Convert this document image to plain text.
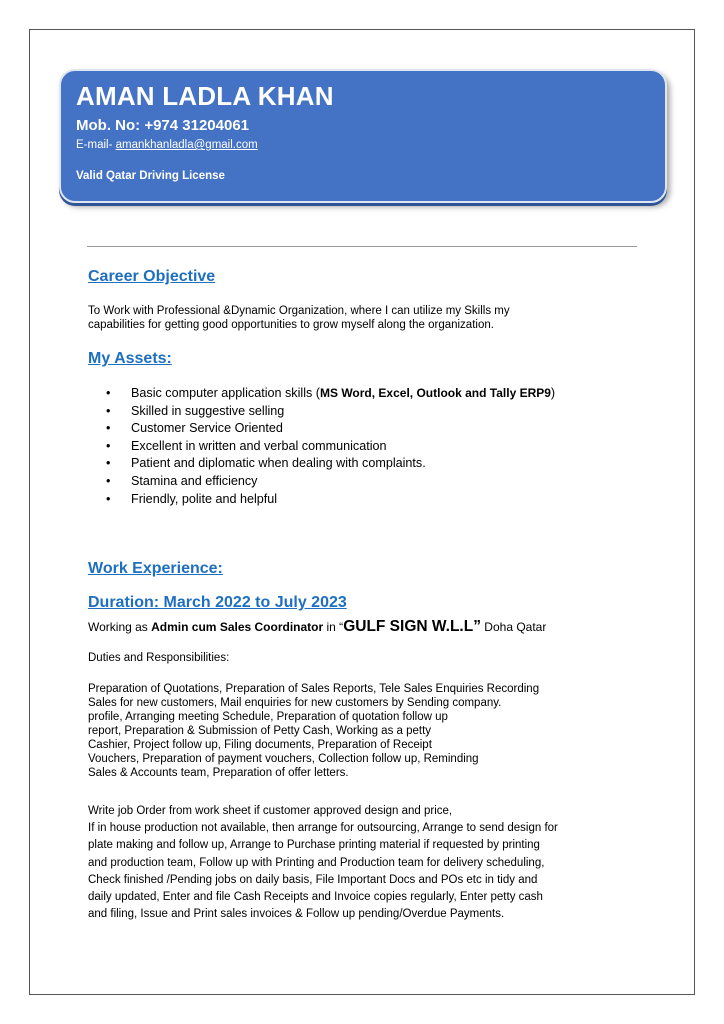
AMAN LADLA KHAN
Mob. No: +974 31204061
E-mail- amankhanladla@gmail.com
Valid Qatar Driving License
Career Objective
To Work with Professional &Dynamic Organization, where I can utilize my Skills my
capabilities for getting good opportunities to grow myself along the organization.
My Assets:
• Basic computer application skills (MS Word, Excel, Outlook and Tally ERP9)
• Skilled in suggestive selling
• Customer Service Oriented
• Excellent in written and verbal communication
• Patient and diplomatic when dealing with complaints.
• Stamina and efficiency
• Friendly, polite and helpful
Work Experience:
Duration: March 2022 to July 2023
Working as Admin cum Sales Coordinator in “GULF SIGN W.L.L” Doha Qatar
Duties and Responsibilities:
Preparation of Quotations, Preparation of Sales Reports, Tele Sales Enquiries Recording
Sales for new customers, Mail enquiries for new customers by Sending company.
profile, Arranging meeting Schedule, Preparation of quotation follow up
report, Preparation & Submission of Petty Cash, Working as a petty
Cashier, Project follow up, Filing documents, Preparation of Receipt
Vouchers, Preparation of payment vouchers, Collection follow up, Reminding
Sales & Accounts team, Preparation of offer letters.
Write job Order from work sheet if customer approved design and price,
If in house production not available, then arrange for outsourcing, Arrange to send design for
plate making and follow up, Arrange to Purchase printing material if requested by printing
and production team, Follow up with Printing and Production team for delivery scheduling,
Check finished /Pending jobs on daily basis, File Important Docs and POs etc in tidy and
daily updated, Enter and file Cash Receipts and Invoice copies regularly, Enter petty cash
and filing, Issue and Print sales invoices & Follow up pending/Overdue Payments.
